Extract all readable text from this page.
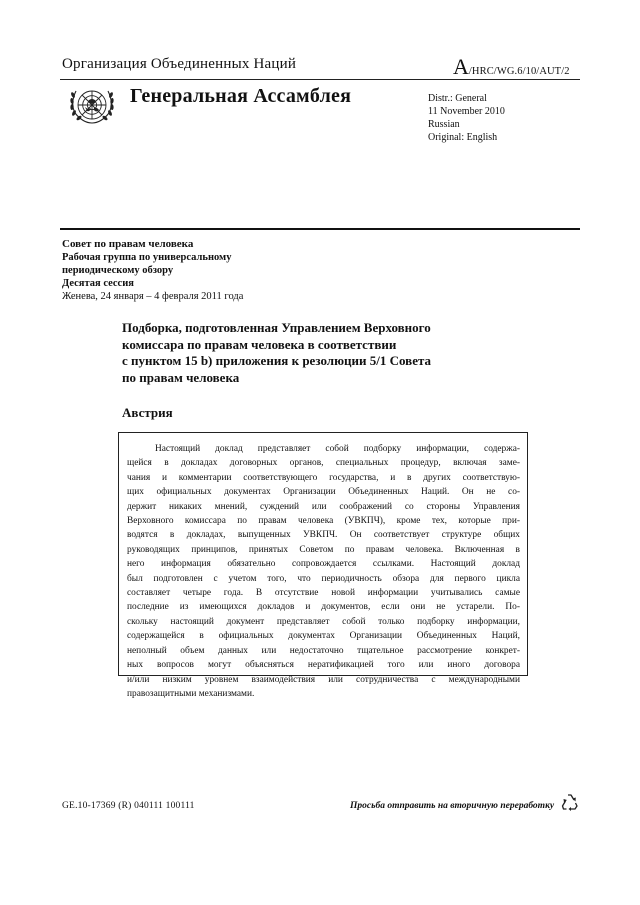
Организация Объединенных Наций	A/HRC/WG.6/10/AUT/2
Генеральная Ассамблея	Distr.: General
11 November 2010
Russian
Original: English
Совет по правам человека
Рабочая группа по универсальному
периодическому обзору
Десятая сессия
Женева, 24 января – 4 февраля 2011 года
Подборка, подготовленная Управлением Верховного
комиссара по правам человека в соответствии
с пунктом 15 b) приложения к резолюции 5/1 Совета
по правам человека
Австрия
Настоящий доклад представляет собой подборку информации, содержа-
щейся в докладах договорных органов, специальных процедур, включая заме-
чания и комментарии соответствующего государства, и в других соответствую-
щих официальных документах Организации Объединенных Наций. Он не со-
держит никаких мнений, суждений или соображений со стороны Управления
Верховного комиссара по правам человека (УВКПЧ), кроме тех, которые при-
водятся в докладах, выпущенных УВКПЧ. Он соответствует структуре общих
руководящих принципов, принятых Советом по правам человека. Включенная в
него информация обязательно сопровождается ссылками. Настоящий доклад
был подготовлен с учетом того, что периодичность обзора для первого цикла
составляет четыре года. В отсутствие новой информации учитывались самые
последние из имеющихся докладов и документов, если они не устарели. По-
скольку настоящий документ представляет собой только подборку информации,
содержащейся в официальных документах Организации Объединенных Наций,
неполный объем данных или недостаточно тщательное рассмотрение конкрет-
ных вопросов могут объясняться нератификацией того или иного договора
и/или низким уровнем взаимодействия или сотрудничества с международными
правозащитными механизмами.
GE.10-17369 (R) 040111 100111	Просьба отправить на вторичную переработку
